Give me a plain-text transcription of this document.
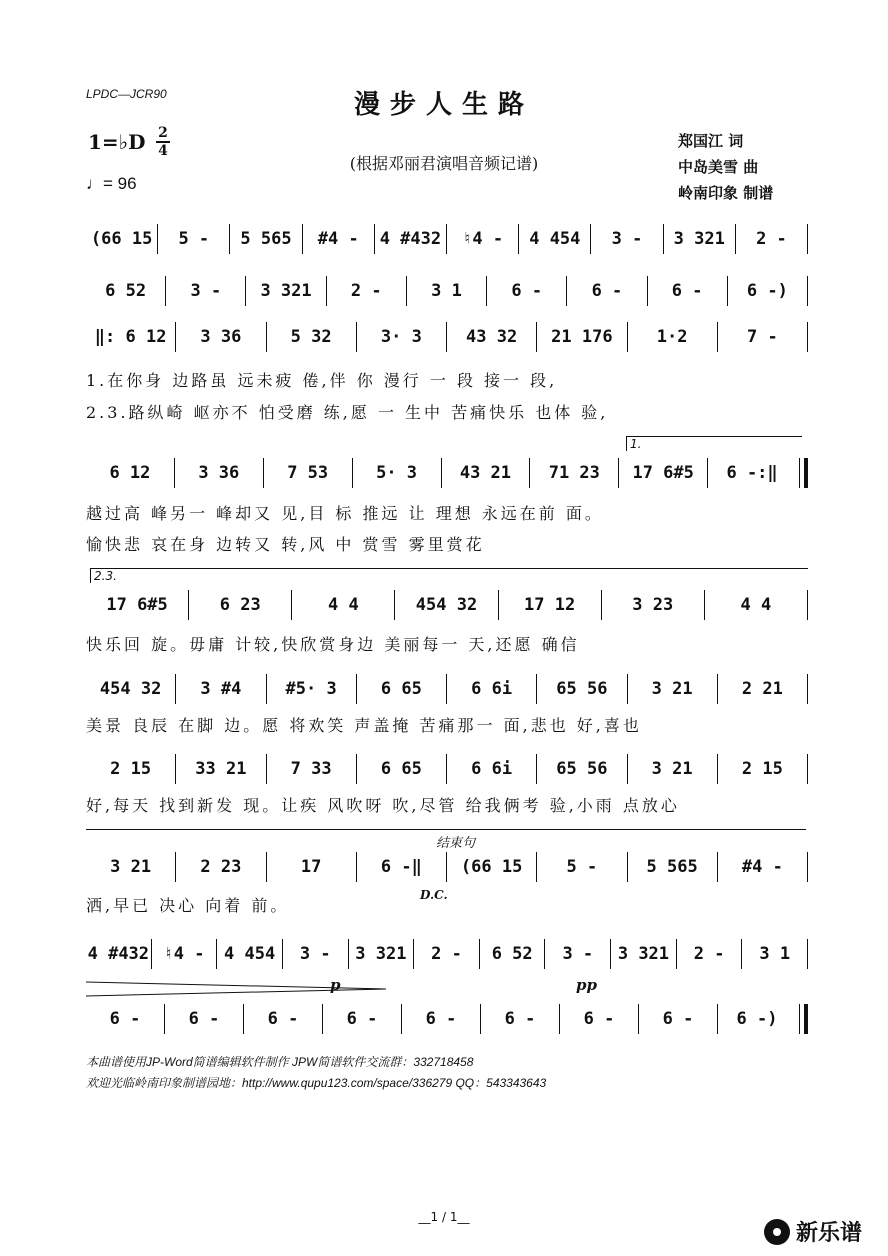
LPDC—JCR90	漫步人生路
(根据邓丽君演唱音频记谱)
1=♭D 2
4
♩= 96
郑国江 词
中岛美雪 曲
岭南印象 制谱
(66 15	5 -	5 565	#4 -	4 #432	♮4 -	4 454	3 -	3 321	2 -
6 52	3 -	3 321	2 -	3 1	6 -	6 -	6 -	6 -)
‖: 6 12	3 36	5 32	3· 3	43 32	21 176	1·2	7 -
1.在你身 边路虽 远未疲 倦,伴 你 漫行 一 段 接一 段,
2.3.路纵崎 岖亦不 怕受磨 练,愿 一 生中 苦痛快乐 也体 验,
1.
6 12	3 36	7 53	5· 3	43 21	71 23	17 6#5	6 -:‖
越过高 峰另一 峰却又 见,目 标 推远 让 理想 永远在前 面。
愉快悲 哀在身 边转又 转,风 中 赏雪 雾里赏花
2.3.
17 6#5	6 23	4 4	454 32	17 12	3 23	4 4
快乐回 旋。毋庸 计较,快欣赏身边 美丽每一 天,还愿 确信
454 32	3 #4	#5· 3	6 65	6 6i	65 56	3 21	2 21
美景 良辰 在脚 边。愿 将欢笑 声盖掩 苦痛那一 面,悲也 好,喜也
2 15	33 21	7 33	6 65	6 6i	65 56	3 21	2 15
好,每天 找到新发 现。让疾 风吹呀 吹,尽管 给我俩考 验,小雨 点放心
结束句
3 21	2 23	17	6 -‖	(66 15	5 -	5 565	#4 -
洒,早已 决心 向着 前。
D.C.
4 #432 ♮4 -	4 454	3 -	3 321	2 -	6 52	3 -	3 321	2 -	3 1
p	pp
6 -	6 -	6 -	6 -	6 -	6 -	6 -	6 -	6 -)
本曲谱使用JP-Word简谱编辑软件制作 JPW简谱软件交流群：332718458
欢迎光临岭南印象制谱园地：http://www.qupu123.com/space/336279 QQ：543343643
__1 / 1__
新乐谱
